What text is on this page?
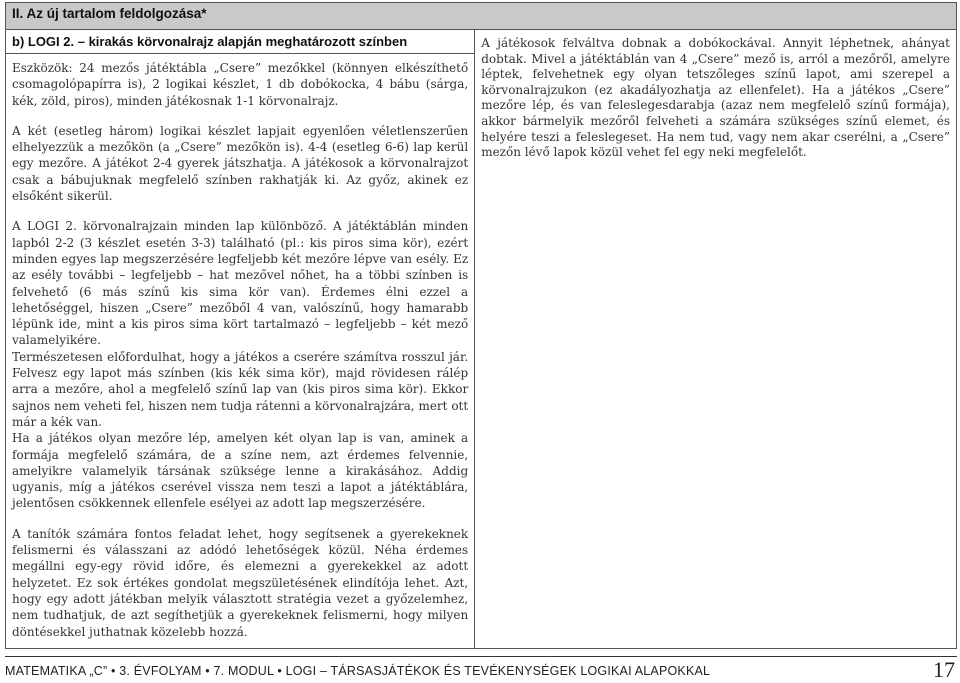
II. Az új tartalom feldolgozása*
b) LOGI 2. – kirakás körvonalrajz alapján meghatározott színben	A játékosok felváltva dobnak a dobókockával. Annyit léphetnek, ahányat dobtak. Mivel a játéktáblán van 4 „Csere” mező is, arról a mezőről, amelyre léptek, felvehetnek egy olyan tetszőleges színű lapot, ami szerepel a körvonalrajzukon (ez akadályozhatja az ellenfelet). Ha a játékos „Csere” mezőre lép, és van feleslegesdarabja (azaz nem megfelelő színű formája), akkor bármelyik mezőről felveheti a számára szükséges színű elemet, és helyére teszi a feleslegeset. Ha nem tud, vagy nem akar cserélni, a „Csere” mezőn lévő lapok közül vehet fel egy neki megfelelőt.

Eszközök: 24 mezős játéktábla „Csere” mezőkkel (könnyen elkészíthető csomagolópapírra is), 2 logikai készlet, 1 db dobókocka, 4 bábu (sárga, kék, zöld, piros), minden játékosnak 1-1 körvonalrajz.

A két (esetleg három) logikai készlet lapjait egyenlően véletlenszerűen elhelyezzük a mezőkön (a „Csere” mezőkön is). 4-4 (esetleg 6-6) lap kerül egy mezőre. A játékot 2-4 gyerek játszhatja. A játékosok a körvonalrajzot csak a bábujuknak megfelelő színben rakhatják ki. Az győz, akinek ez elsőként sikerül.

A LOGI 2. körvonalrajzain minden lap különböző. A játéktáblán minden lapból 2-2 (3 készlet esetén 3-3) található (pl.: kis piros sima kör), ezért minden egyes lap megszerzésére legfeljebb két mezőre lépve van esély. Ez az esély további – legfeljebb – hat mezővel nőhet, ha a többi színben is felvehető (6 más színű kis sima kör van). Érdemes élni ezzel a lehetőséggel, hiszen „Csere” mezőből 4 van, valószínű, hogy hamarabb lépünk ide, mint a kis piros sima kört tartalmazó – legfeljebb – két mező valamelyikére.

Természetesen előfordulhat, hogy a játékos a cserére számítva rosszul jár. Felvesz egy lapot más színben (kis kék sima kör), majd rövidesen rálép arra a mezőre, ahol a megfelelő színű lap van (kis piros sima kör). Ekkor sajnos nem veheti fel, hiszen nem tudja rátenni a körvonalrajzára, mert ott már a kék van.

Ha a játékos olyan mezőre lép, amelyen két olyan lap is van, aminek a formája megfelelő számára, de a színe nem, azt érdemes felvennie, amelyikre valamelyik társának szüksége lenne a kirakásához. Addig ugyanis, míg a játékos cserével vissza nem teszi a lapot a játéktáblára, jelentősen csökkennek ellenfele esélyei az adott lap megszerzésére.

A tanítók számára fontos feladat lehet, hogy segítsenek a gyerekeknek felismerni és válasszani az adódó lehetőségek közül. Néha érdemes megállni egy-egy rövid időre, és elemezni a gyerekekkel az adott helyzetet. Ez sok értékes gondolat megszületésének elindítója lehet. Azt, hogy egy adott játékban melyik választott stratégia vezet a győzelemhez, nem tudhatjuk, de azt segíthetjük a gyerekeknek felismerni, hogy milyen döntésekkel juthatnak közelebb hozzá.

MATEMATIKA „C” • 3. ÉVFOLYAM • 7. MODUL • LOGI – TÁRSASJÁTÉKOK ÉS TEVÉKENYSÉGEK LOGIKAI ALAPOKKAL	17
